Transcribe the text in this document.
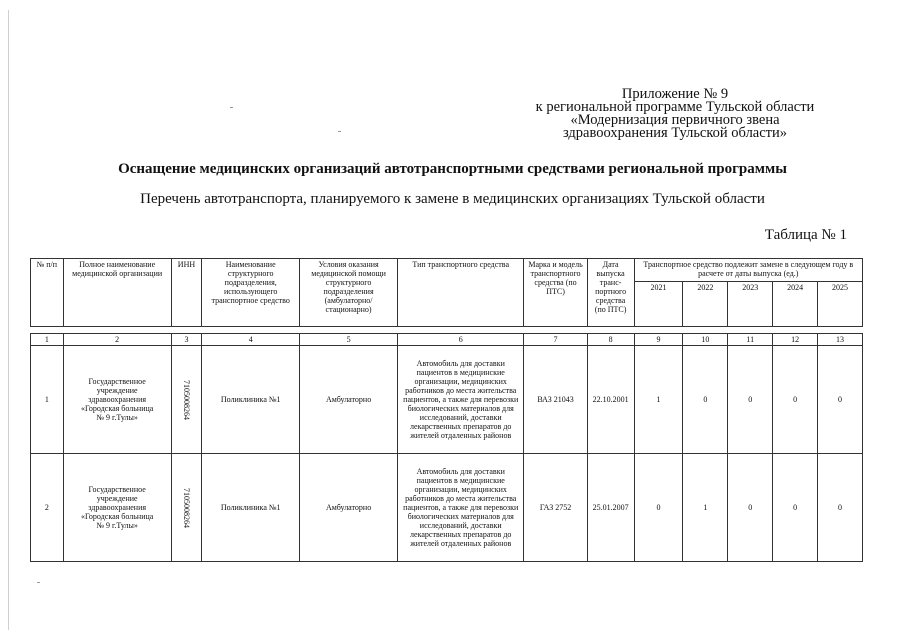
Приложение № 9
к региональной программе Тульской области
«Модернизация первичного звена
здравоохранения Тульской области»
Оснащение медицинских организаций автотранспортными средствами региональной программы
Перечень автотранспорта, планируемого к замене в медицинских организациях Тульской области
Таблица № 1
№ п/п	Полное наименование медицинской организации	ИНН	Наименование структурного подразделения, использующего транспортное средство	Условия оказания медицинской помощи структурного подразделения (амбулаторно/ стационарно)	Тип транспортного средства	Марка и модель транспортного средства (по ПТС)	Дата выпуска транс-портного средства (по ПТС)	Транспортное средство подлежит замене в следующем году в расчете от даты выпуска (ед.)				
								2021	2022	2023	2024	2025

1	2	3	4	5	6	7	8	9	10	11	12	13
1	Государственное учреждение здравоохранения «Городская больница № 9 г.Тулы»	7105008264	Поликлиника №1	Амбулаторно	Автомобиль для доставки пациентов в медицинские организации, медицинских работников до места жительства пациентов, а также для перевозки биологических материалов для исследований, доставки лекарственных препаратов до жителей отдаленных районов	ВАЗ 21043	22.10.2001	1	0	0	0	0
2	Государственное учреждение здравоохранения «Городская больница № 9 г.Тулы»	7105008264	Поликлиника №1	Амбулаторно	Автомобиль для доставки пациентов в медицинские организации, медицинских работников до места жительства пациентов, а также для перевозки биологических материалов для исследований, доставки лекарственных препаратов до жителей отдаленных районов	ГАЗ 2752	25.01.2007	0	1	0	0	0
